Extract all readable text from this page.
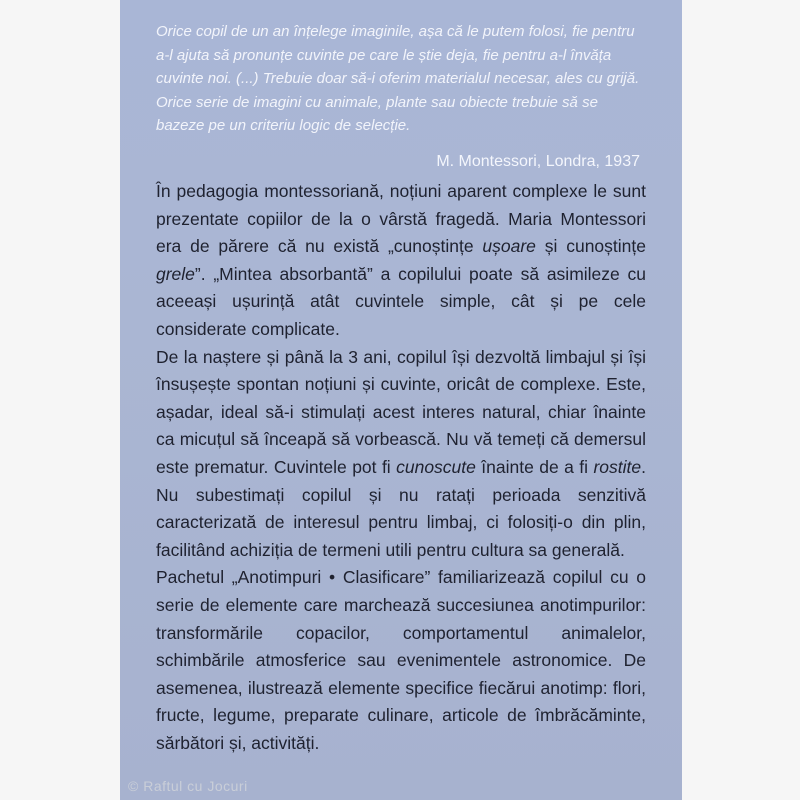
Orice copil de un an înțelege imaginile, așa că le putem folosi, fie pentru a-l ajuta să pronunțe cuvinte pe care le știe deja, fie pentru a-l învăța cuvinte noi. (...) Trebuie doar să-i oferim materialul necesar, ales cu grijă. Orice serie de imagini cu animale, plante sau obiecte trebuie să se bazeze pe un criteriu logic de selecție.

M. Montessori, Londra, 1937

În pedagogia montessoriană, noțiuni aparent complexe le sunt prezentate copiilor de la o vârstă fragedă. Maria Montessori era de părere că nu există „cunoștințe ușoare și cunoștințe grele”. „Mintea absorbantă” a copilului poate să asimileze cu aceeași ușurință atât cuvintele simple, cât și pe cele considerate complicate.

De la naștere și până la 3 ani, copilul își dezvoltă limbajul și își însușește spontan noțiuni și cuvinte, oricât de complexe. Este, așadar, ideal să-i stimulați acest interes natural, chiar înainte ca micuțul să înceapă să vorbească. Nu vă temeți că demersul este prematur. Cuvintele pot fi cunoscute înainte de a fi rostite. Nu subestimați copilul și nu ratați perioada senzitivă caracterizată de interesul pentru limbaj, ci folosiți-o din plin, facilitând achiziția de termeni utili pentru cultura sa generală.

Pachetul „Anotimpuri • Clasificare” familiarizează copilul cu o serie de elemente care marchează succesiunea anotimpurilor: transformările copacilor, comportamentul animalelor, schimbările atmosferice sau evenimentele astronomice. De asemenea, ilustrează elemente specifice fiecărui anotimp: flori, fructe, legume, preparate culinare, articole de îmbrăcăminte, sărbători și, activități.

© Raftul cu Jocuri
